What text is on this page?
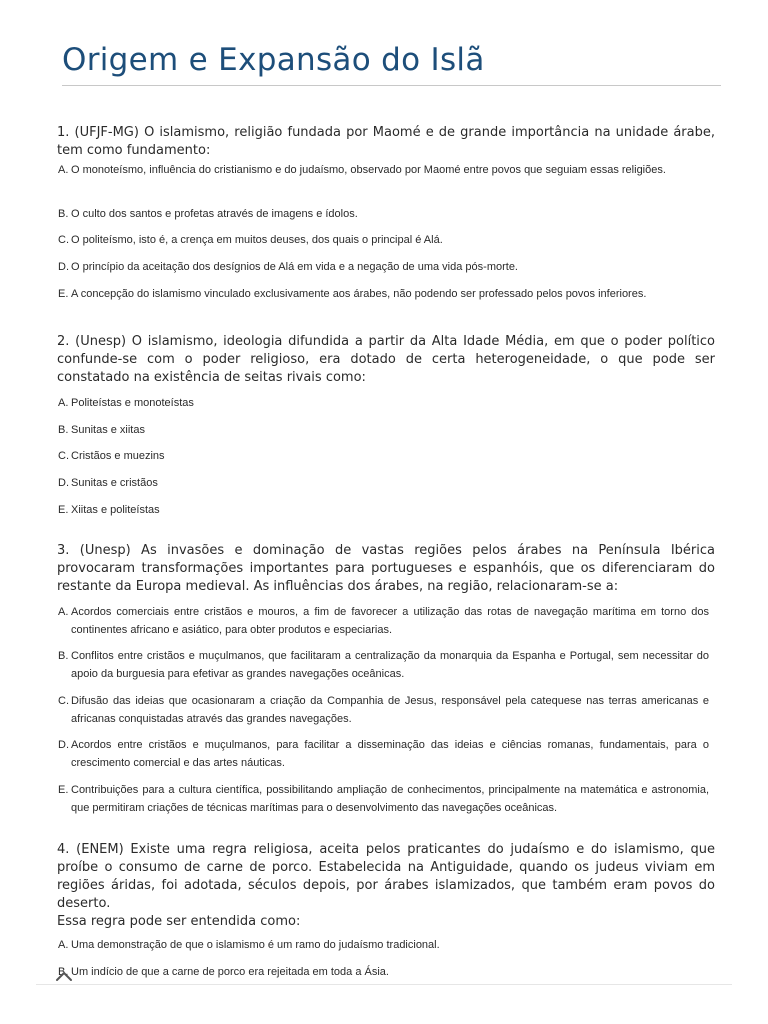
Origem e Expansão do Islã
1. (UFJF-MG) O islamismo, religião fundada por Maomé e de grande importância na unidade árabe, tem como fundamento:
A. O monoteísmo, influência do cristianismo e do judaísmo, observado por Maomé entre povos que seguiam essas religiões.
B. O culto dos santos e profetas através de imagens e ídolos.
C. O politeísmo, isto é, a crença em muitos deuses, dos quais o principal é Alá.
D. O princípio da aceitação dos desígnios de Alá em vida e a negação de uma vida pós-morte.
E. A concepção do islamismo vinculado exclusivamente aos árabes, não podendo ser professado pelos povos inferiores.
2. (Unesp) O islamismo, ideologia difundida a partir da Alta Idade Média, em que o poder político confunde-se com o poder religioso, era dotado de certa heterogeneidade, o que pode ser constatado na existência de seitas rivais como:
A. Politeístas e monoteístas
B. Sunitas e xiitas
C. Cristãos e muezins
D. Sunitas e cristãos
E. Xiitas e politeístas
3. (Unesp) As invasões e dominação de vastas regiões pelos árabes na Península Ibérica provocaram transformações importantes para portugueses e espanhóis, que os diferenciaram do restante da Europa medieval. As influências dos árabes, na região, relacionaram-se a:
A. Acordos comerciais entre cristãos e mouros, a fim de favorecer a utilização das rotas de navegação marítima em torno dos continentes africano e asiático, para obter produtos e especiarias.
B. Conflitos entre cristãos e muçulmanos, que facilitaram a centralização da monarquia da Espanha e Portugal, sem necessitar do apoio da burguesia para efetivar as grandes navegações oceânicas.
C. Difusão das ideias que ocasionaram a criação da Companhia de Jesus, responsável pela catequese nas terras americanas e africanas conquistadas através das grandes navegações.
D. Acordos entre cristãos e muçulmanos, para facilitar a disseminação das ideias e ciências romanas, fundamentais, para o crescimento comercial e das artes náuticas.
E. Contribuições para a cultura científica, possibilitando ampliação de conhecimentos, principalmente na matemática e astronomia, que permitiram criações de técnicas marítimas para o desenvolvimento das navegações oceânicas.
4. (ENEM) Existe uma regra religiosa, aceita pelos praticantes do judaísmo e do islamismo, que proíbe o consumo de carne de porco. Estabelecida na Antiguidade, quando os judeus viviam em regiões áridas, foi adotada, séculos depois, por árabes islamizados, que também eram povos do deserto.
Essa regra pode ser entendida como:
A. Uma demonstração de que o islamismo é um ramo do judaísmo tradicional.
B. Um indício de que a carne de porco era rejeitada em toda a Ásia.
